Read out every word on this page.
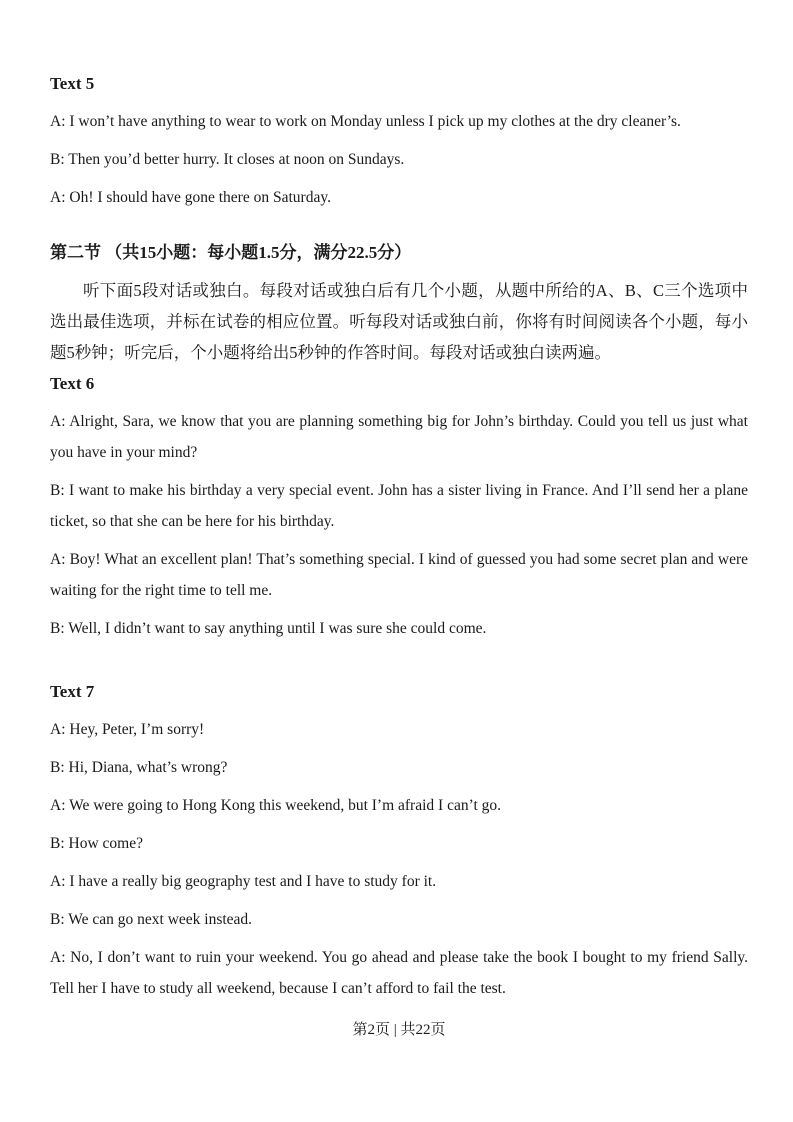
Text 5

A: I won’t have anything to wear to work on Monday unless I pick up my clothes at the dry cleaner’s.

B: Then you’d better hurry. It closes at noon on Sundays.

A: Oh! I should have gone there on Saturday.

第二节 （共15小题：每小题1.5分，满分22.5分）

听下面5段对话或独白。每段对话或独白后有几个小题，从题中所给的A、B、C三个选项中选出最佳选项，并标在试卷的相应位置。听每段对话或独白前，你将有时间阅读各个小题，每小题5秒钟；听完后，个小题将给出5秒钟的作答时间。每段对话或独白读两遍。

Text 6

A: Alright, Sara, we know that you are planning something big for John’s birthday. Could you tell us just what you have in your mind?

B: I want to make his birthday a very special event. John has a sister living in France. And I’ll send her a plane ticket, so that she can be here for his birthday.

A: Boy! What an excellent plan! That’s something special. I kind of guessed you had some secret plan and were waiting for the right time to tell me.

B: Well, I didn’t want to say anything until I was sure she could come.

Text 7

A: Hey, Peter, I’m sorry!

B: Hi, Diana, what’s wrong?

A: We were going to Hong Kong this weekend, but I’m afraid I can’t go.

B: How come?

A: I have a really big geography test and I have to study for it.

B: We can go next week instead.

A: No, I don’t want to ruin your weekend. You go ahead and please take the book I bought to my friend Sally. Tell her I have to study all weekend, because I can’t afford to fail the test.

第2页 | 共22页
